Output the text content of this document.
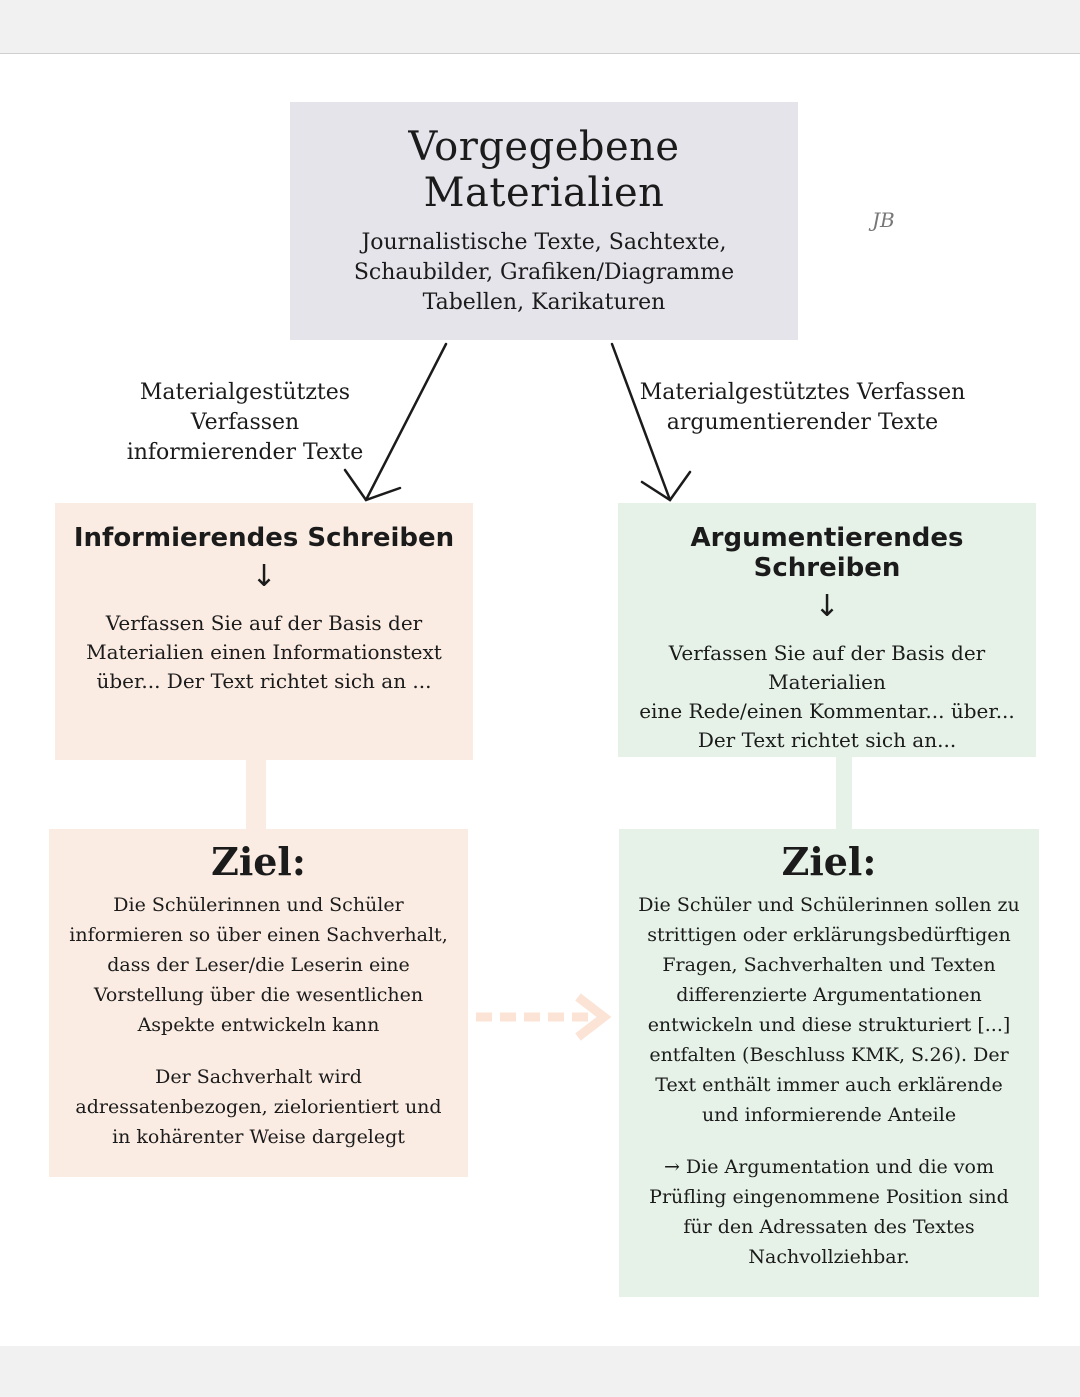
Vorgegebene Materialien
Journalistische Texte, Sachtexte,
Schaubilder, Grafiken/Diagramme
Tabellen, Karikaturen
JB
Materialgestütztes Verfassen
informierender Texte
Materialgestütztes Verfassen
argumentierender Texte
Informierendes Schreiben
↓
Verfassen Sie auf der Basis der
Materialien einen Informationstext
über... Der Text richtet sich an ...
Argumentierendes Schreiben
↓
Verfassen Sie auf der Basis der Materialien
eine Rede/einen Kommentar... über...
Der Text richtet sich an...
Ziel:
Die Schülerinnen und Schüler
informieren so über einen Sachverhalt,
dass der Leser/die Leserin eine
Vorstellung über die wesentlichen
Aspekte entwickeln kann
Der Sachverhalt wird
adressatenbezogen, zielorientiert und
in kohärenter Weise dargelegt
Ziel:
Die Schüler und Schülerinnen sollen zu
strittigen oder erklärungsbedürftigen
Fragen, Sachverhalten und Texten
differenzierte Argumentationen
entwickeln und diese strukturiert [...]
entfalten (Beschluss KMK, S.26). Der
Text enthält immer auch erklärende
und informierende Anteile
→ Die Argumentation und die vom
Prüfling eingenommene Position sind
für den Adressaten des Textes
Nachvollziehbar.
